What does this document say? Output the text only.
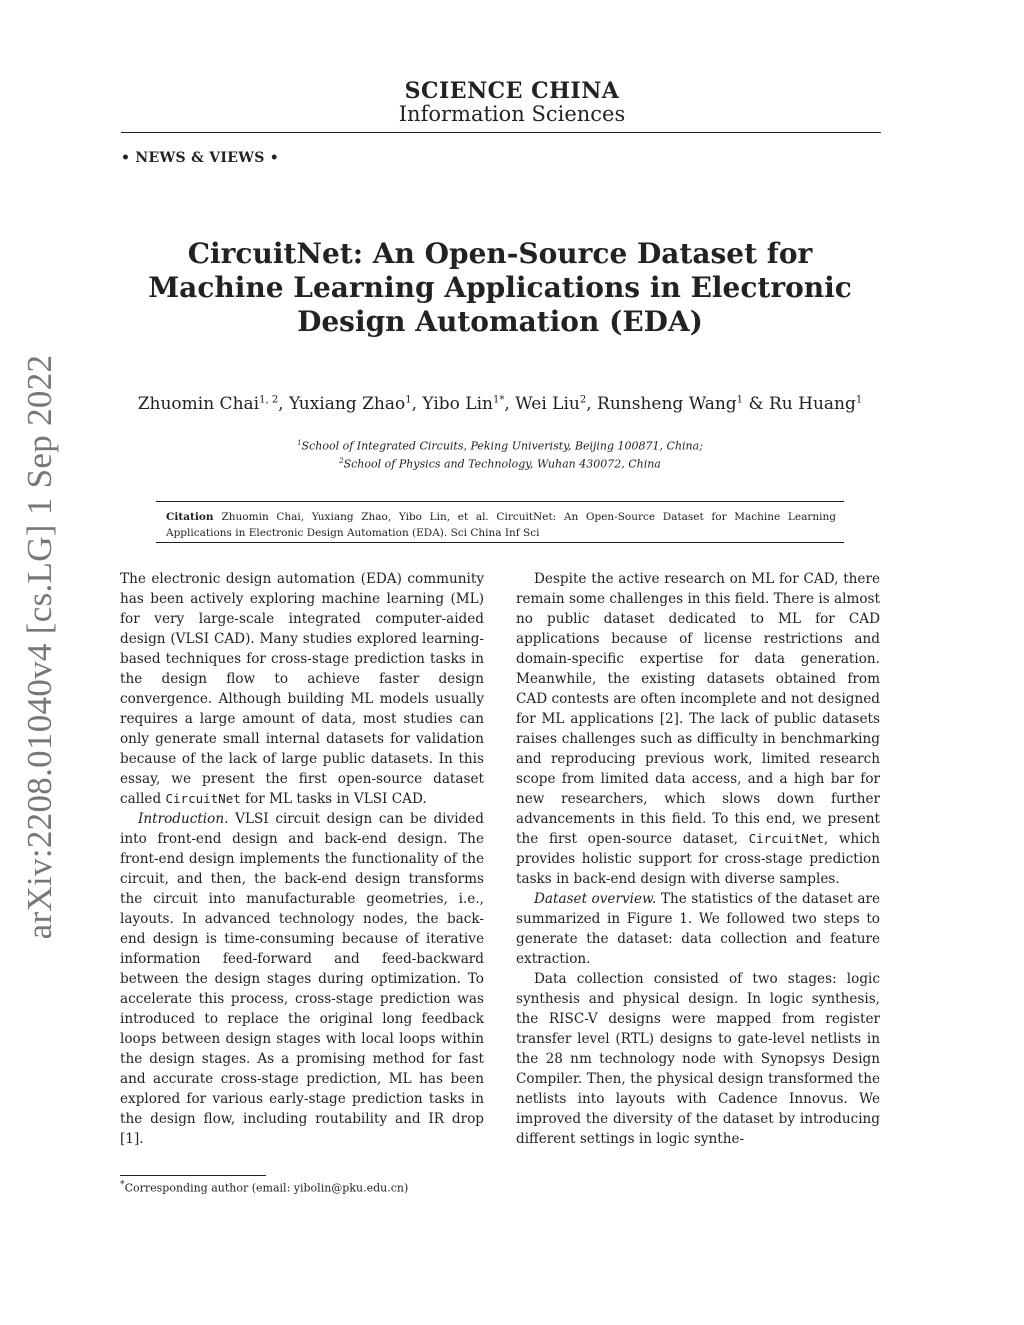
SCIENCE CHINA
Information Sciences
• NEWS & VIEWS •
arXiv:2208.01040v4 [cs.LG] 1 Sep 2022
CircuitNet: An Open-Source Dataset for Machine Learning Applications in Electronic Design Automation (EDA)
Zhuomin Chai$^{1, 2}$, Yuxiang Zhao$^1$, Yibo Lin$^{1*}$, Wei Liu$^2$, Runsheng Wang$^1$ & Ru Huang$^1$
$^1$School of Integrated Circuits, Peking Univeristy, Beijing 100871, China;
$^2$School of Physics and Technology, Wuhan 430072, China
Citation Zhuomin Chai, Yuxiang Zhao, Yibo Lin, et al. CircuitNet: An Open-Source Dataset for Machine Learning Applications in Electronic Design Automation (EDA). Sci China Inf Sci

The electronic design automation (EDA) community has been actively exploring machine learning (ML) for very large-scale integrated computer-aided design (VLSI CAD). Many studies explored learning-based techniques for cross-stage prediction tasks in the design flow to achieve faster design convergence. Although building ML models usually requires a large amount of data, most studies can only generate small internal datasets for validation because of the lack of large public datasets. In this essay, we present the first open-source dataset called CircuitNet for ML tasks in VLSI CAD.

Introduction. VLSI circuit design can be divided into front-end design and back-end design. The front-end design implements the functionality of the circuit, and then, the back-end design transforms the circuit into manufacturable geometries, i.e., layouts. In advanced technology nodes, the back-end design is time-consuming because of iterative information feed-forward and feed-backward between the design stages during optimization. To accelerate this process, cross-stage prediction was introduced to replace the original long feedback loops between design stages with local loops within the design stages. As a promising method for fast and accurate cross-stage prediction, ML has been explored for various early-stage prediction tasks in the design flow, including routability and IR drop [1].

Despite the active research on ML for CAD, there remain some challenges in this field. There is almost no public dataset dedicated to ML for CAD applications because of license restrictions and domain-specific expertise for data generation. Meanwhile, the existing datasets obtained from CAD contests are often incomplete and not designed for ML applications [2]. The lack of public datasets raises challenges such as difficulty in benchmarking and reproducing previous work, limited research scope from limited data access, and a high bar for new researchers, which slows down further advancements in this field. To this end, we present the first open-source dataset, CircuitNet, which provides holistic support for cross-stage prediction tasks in back-end design with diverse samples.

Dataset overview. The statistics of the dataset are summarized in Figure 1. We followed two steps to generate the dataset: data collection and feature extraction.

Data collection consisted of two stages: logic synthesis and physical design. In logic synthesis, the RISC-V designs were mapped from register transfer level (RTL) designs to gate-level netlists in the 28 nm technology node with Synopsys Design Compiler. Then, the physical design transformed the netlists into layouts with Cadence Innovus. We improved the diversity of the dataset by introducing different settings in logic synthe-

*Corresponding author (email: yibolin@pku.edu.cn)
